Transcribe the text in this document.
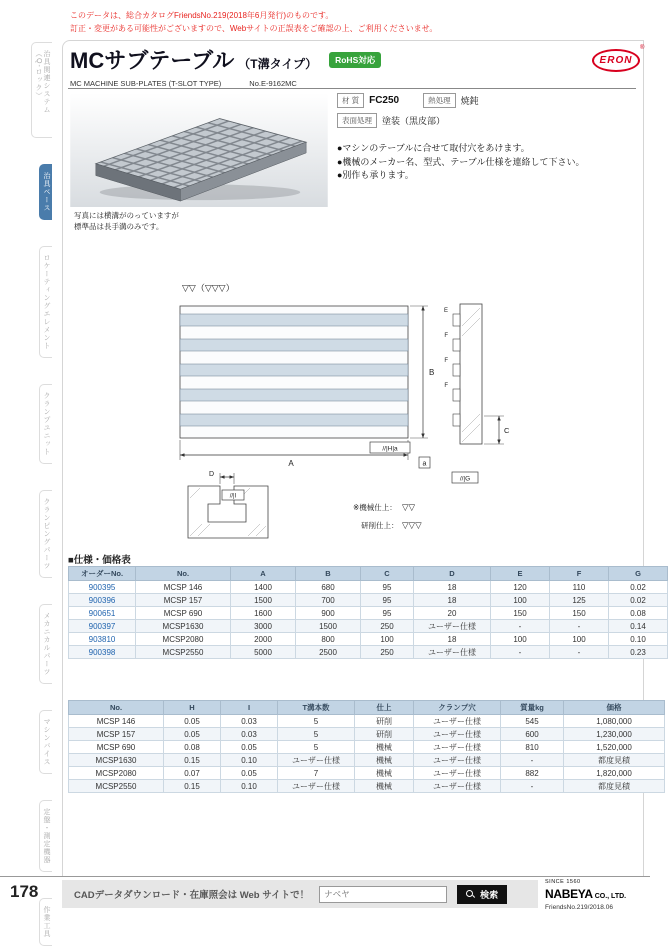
このデータは、総合カタログFriendsNo.219(2018年6月発行)のものです。
訂正・変更がある可能性がございますので、Webサイトの正誤表をご確認の上、ご利用くださいませ。
治具関連システム（Q-ロック）
治具ベース
ロケーティングエレメント
クランプユニット
クランピングパーツ
メカニカルパーツ
マシンバイス
定盤・測定機器
作業工具
MCサブテーブル （T溝タイプ）	RoHS対応
MC MACHINE SUB-PLATES (T-SLOT TYPE)	No.E-9162MC
ERON
®
写真には横溝がのっていますが
標準品は長手溝のみです。
材 質	FC250	熱処理	焼鈍
表面処理	塗装（黒皮部）
●マシンのテーブルに合せて取付穴をあけます。
●機械のメーカー名、型式、テーブル仕様を連絡して下さい。
●別作も承ります。
▽▽（▽▽▽）
A
B
//|H|a
a
//|G
E
F
F
F
C
D
//|I
※機械仕上： ▽▽
研削仕上： ▽▽▽
■仕様・価格表
オーダーNo.	No.	A	B	C	D	E	F	G
900395	MCSP 146	1400	680	95	18	120	110	0.02
900396	MCSP 157	1500	700	95	18	100	125	0.02
900651	MCSP 690	1600	900	95	20	150	150	0.08
900397	MCSP1630	3000	1500	250	ユーザー仕様	-	-	0.14
903810	MCSP2080	2000	800	100	18	100	100	0.10
900398	MCSP2550	5000	2500	250	ユーザー仕様	-	-	0.23
No.	H	I	T溝本数	仕上	クランプ穴	質量kg	価格
MCSP 146	0.05	0.03	5	研削	ユーザー仕様	545	1,080,000
MCSP 157	0.05	0.03	5	研削	ユーザー仕様	600	1,230,000
MCSP 690	0.08	0.05	5	機械	ユーザー仕様	810	1,520,000
MCSP1630	0.15	0.10	ユーザー仕様	機械	ユーザー仕様	-	都度見積
MCSP2080	0.07	0.05	7	機械	ユーザー仕様	882	1,820,000
MCSP2550	0.15	0.10	ユーザー仕様	機械	ユーザー仕様	-	都度見積
178	CADデータダウンロード・在庫照会は Web サイトで！
ナベヤ	検索
SINCE 1560
NABEYA CO., LTD.
FriendsNo.219/2018.06
